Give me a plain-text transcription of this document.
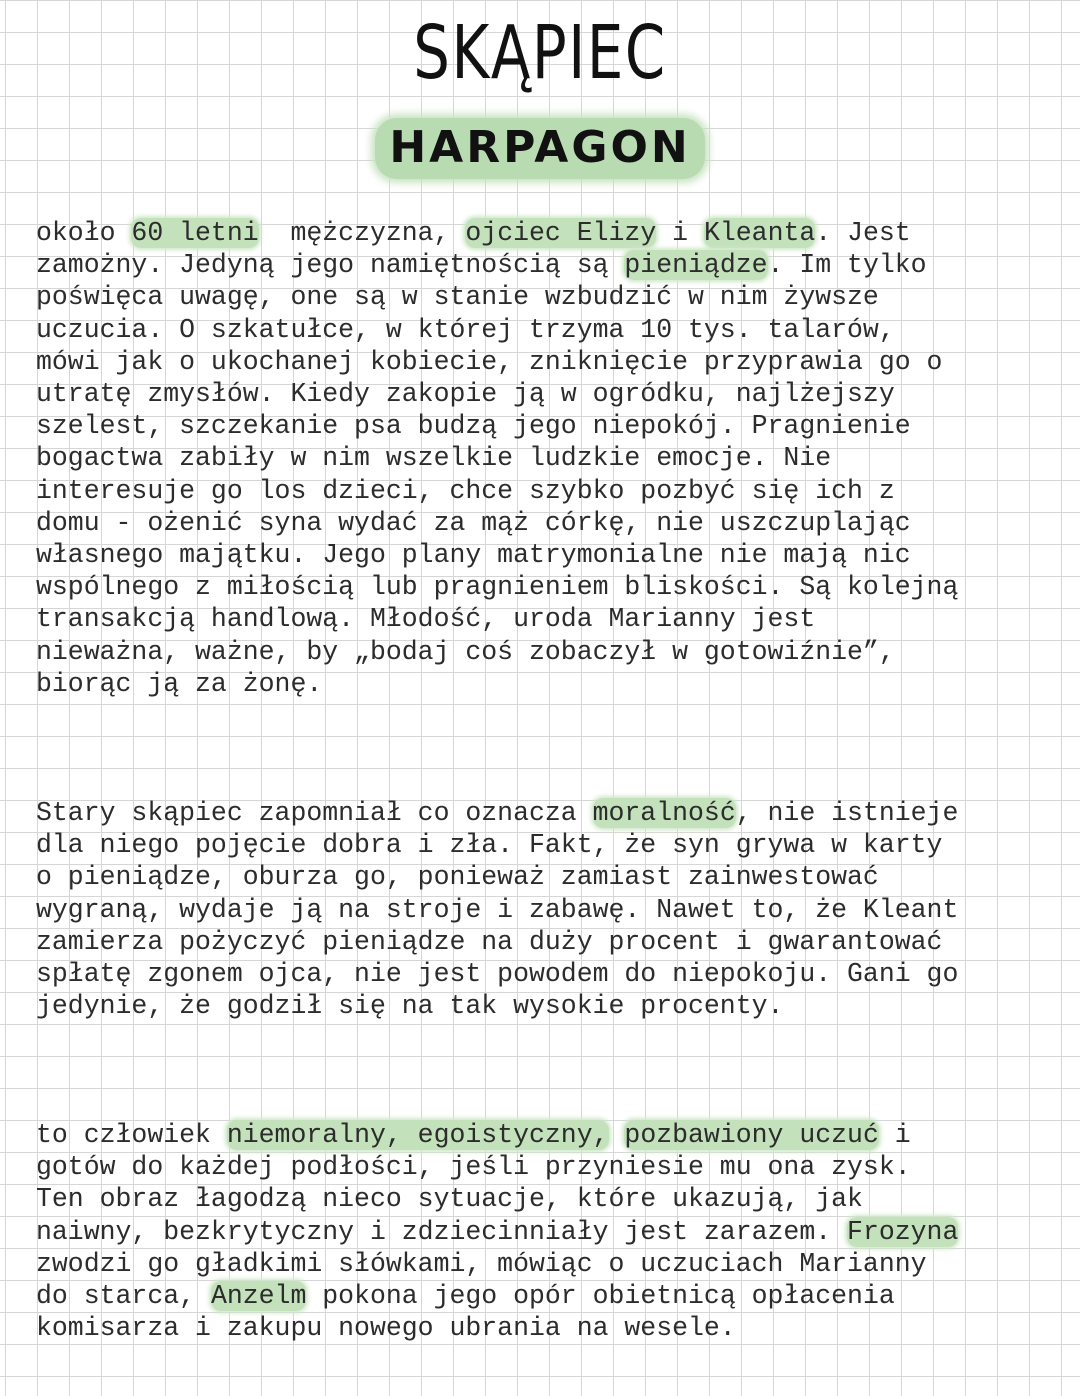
SKĄPIEC
HARPAGON
około 60 letni  mężczyzna, ojciec Elizy i Kleanta. Jest
zamożny. Jedyną jego namiętnością są pieniądze. Im tylko
poświęca uwagę, one są w stanie wzbudzić w nim żywsze
uczucia. O szkatułce, w której trzyma 10 tys. talarów,
mówi jak o ukochanej kobiecie, zniknięcie przyprawia go o
utratę zmysłów. Kiedy zakopie ją w ogródku, najlżejszy
szelest, szczekanie psa budzą jego niepokój. Pragnienie
bogactwa zabiły w nim wszelkie ludzkie emocje. Nie
interesuje go los dzieci, chce szybko pozbyć się ich z
domu - ożenić syna wydać za mąż córkę, nie uszczuplając
własnego majątku. Jego plany matrymonialne nie mają nic
wspólnego z miłością lub pragnieniem bliskości. Są kolejną
transakcją handlową. Młodość, uroda Marianny jest
nieważna, ważne, by „bodaj coś zobaczył w gotowiźnie”,
biorąc ją za żonę.
Stary skąpiec zapomniał co oznacza moralność, nie istnieje
dla niego pojęcie dobra i zła. Fakt, że syn grywa w karty
o pieniądze, oburza go, ponieważ zamiast zainwestować
wygraną, wydaje ją na stroje i zabawę. Nawet to, że Kleant
zamierza pożyczyć pieniądze na duży procent i gwarantować
spłatę zgonem ojca, nie jest powodem do niepokoju. Gani go
jedynie, że godził się na tak wysokie procenty.
to człowiek niemoralny, egoistyczny, pozbawiony uczuć i
gotów do każdej podłości, jeśli przyniesie mu ona zysk.
Ten obraz łagodzą nieco sytuacje, które ukazują, jak
naiwny, bezkrytyczny i zdziecinniały jest zarazem. Frozyna
zwodzi go gładkimi słówkami, mówiąc o uczuciach Marianny
do starca, Anzelm pokona jego opór obietnicą opłacenia
komisarza i zakupu nowego ubrania na wesele.
